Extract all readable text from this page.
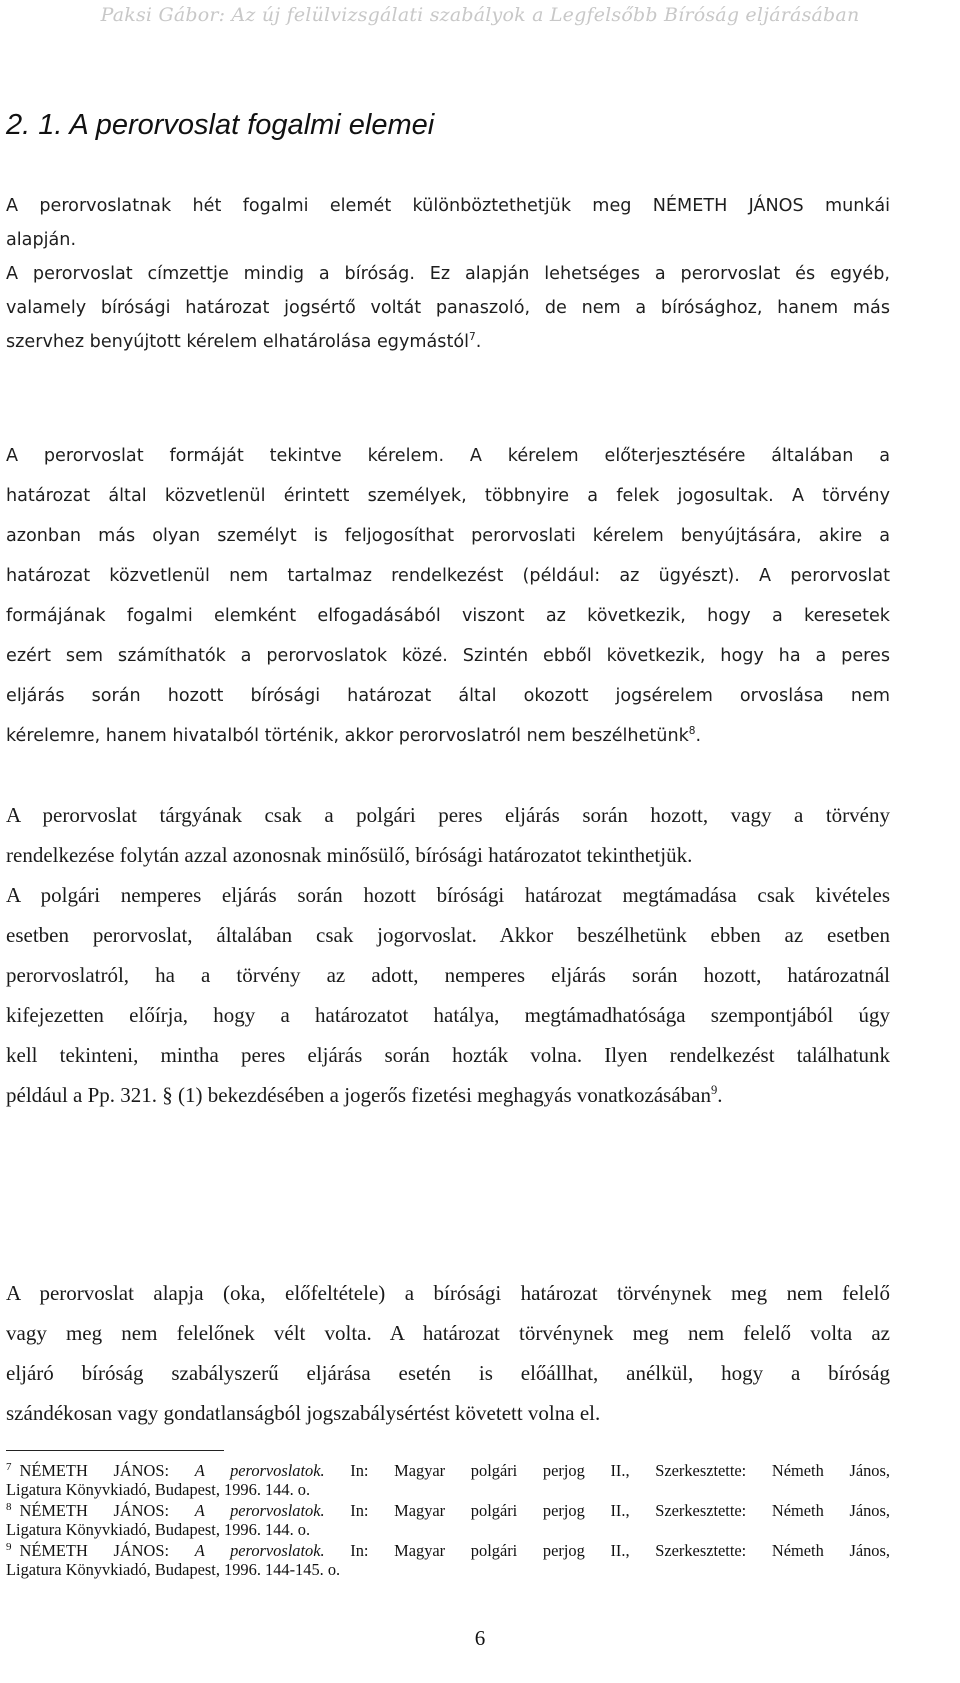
Paksi Gábor: Az új felülvizsgálati szabályok a Legfelsőbb Bíróság eljárásában
2. 1. A perorvoslat fogalmi elemei
A perorvoslatnak hét fogalmi elemét különböztethetjük meg NÉMETH JÁNOS munkái
alapján.
A perorvoslat címzettje mindig a bíróság. Ez alapján lehetséges a perorvoslat és egyéb,
valamely bírósági határozat jogsértő voltát panaszoló, de nem a bírósághoz, hanem más
szervhez benyújtott kérelem elhatárolása egymástól$^7$.
A perorvoslat formáját tekintve kérelem. A kérelem előterjesztésére általában a
határozat által közvetlenül érintett személyek, többnyire a felek jogosultak. A törvény
azonban más olyan személyt is feljogosíthat perorvoslati kérelem benyújtására, akire a
határozat közvetlenül nem tartalmaz rendelkezést (például: az ügyészt). A perorvoslat
formájának fogalmi elemként elfogadásából viszont az következik, hogy a keresetek
ezért sem számíthatók a perorvoslatok közé. Szintén ebből következik, hogy ha a peres
eljárás során hozott bírósági határozat által okozott jogsérelem orvoslása nem
kérelemre, hanem hivatalból történik, akkor perorvoslatról nem beszélhetünk$^8$.
A perorvoslat tárgyának csak a polgári peres eljárás során hozott, vagy a törvény
rendelkezése folytán azzal azonosnak minősülő, bírósági határozatot tekinthetjük.
A polgári nemperes eljárás során hozott bírósági határozat megtámadása csak kivételes
esetben perorvoslat, általában csak jogorvoslat. Akkor beszélhetünk ebben az esetben
perorvoslatról, ha a törvény az adott, nemperes eljárás során hozott, határozatnál
kifejezetten előírja, hogy a határozatot hatálya, megtámadhatósága szempontjából úgy
kell tekinteni, mintha peres eljárás során hozták volna. Ilyen rendelkezést találhatunk
például a Pp. 321. § (1) bekezdésében a jogerős fizetési meghagyás vonatkozásában$^9$.
A perorvoslat alapja (oka, előfeltétele) a bírósági határozat törvénynek meg nem felelő
vagy meg nem felelőnek vélt volta. A határozat törvénynek meg nem felelő volta az
eljáró bíróság szabályszerű eljárása esetén is előállhat, anélkül, hogy a bíróság
szándékosan vagy gondatlanságból jogszabálysértést követett volna el.
$^7$ NÉMETH JÁNOS: A perorvoslatok. In: Magyar polgári perjog II., Szerkesztette: Németh János,
Ligatura Könyvkiadó, Budapest, 1996. 144. o.
$^8$ NÉMETH JÁNOS: A perorvoslatok. In: Magyar polgári perjog II., Szerkesztette: Németh János,
Ligatura Könyvkiadó, Budapest, 1996. 144. o.
$^9$ NÉMETH JÁNOS: A perorvoslatok. In: Magyar polgári perjog II., Szerkesztette: Németh János,
Ligatura Könyvkiadó, Budapest, 1996. 144-145. o.
6
